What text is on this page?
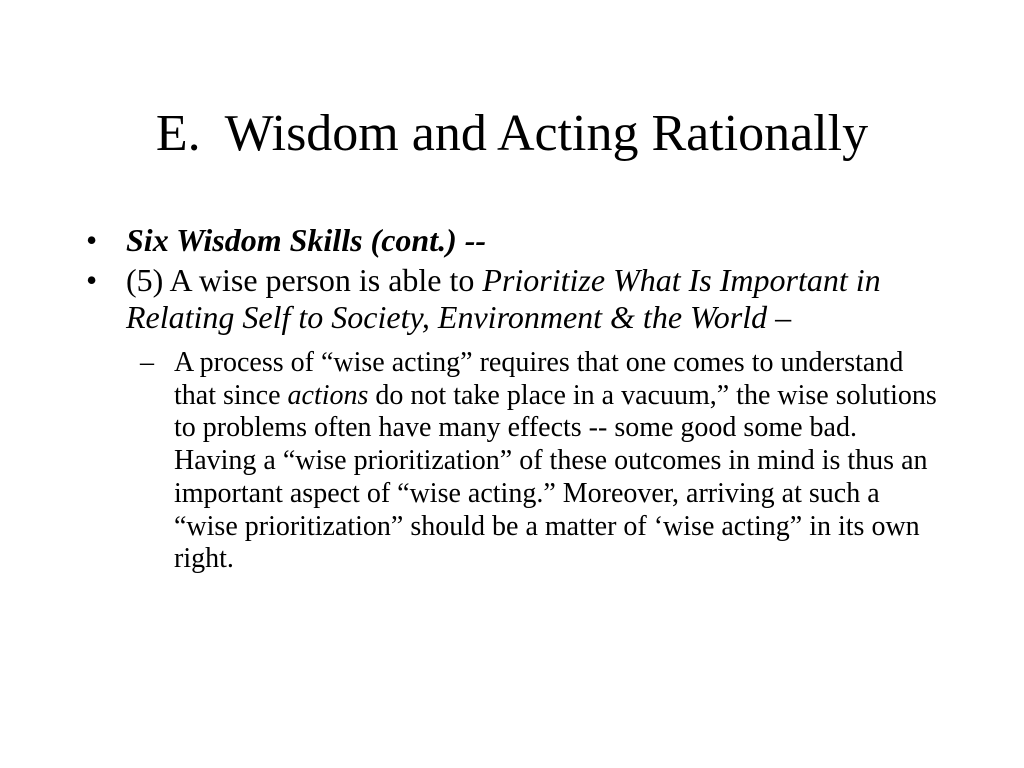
E. Wisdom and Acting Rationally
• Six Wisdom Skills (cont.) --
• (5) A wise person is able to Prioritize What Is Important in Relating Self to Society, Environment & the World –
– A process of “wise acting” requires that one comes to understand that since actions do not take place in a vacuum,” the wise solutions to problems often have many effects -- some good some bad. Having a “wise prioritization” of these outcomes in mind is thus an important aspect of “wise acting.” Moreover, arriving at such a “wise prioritization” should be a matter of ‘wise acting” in its own right.
